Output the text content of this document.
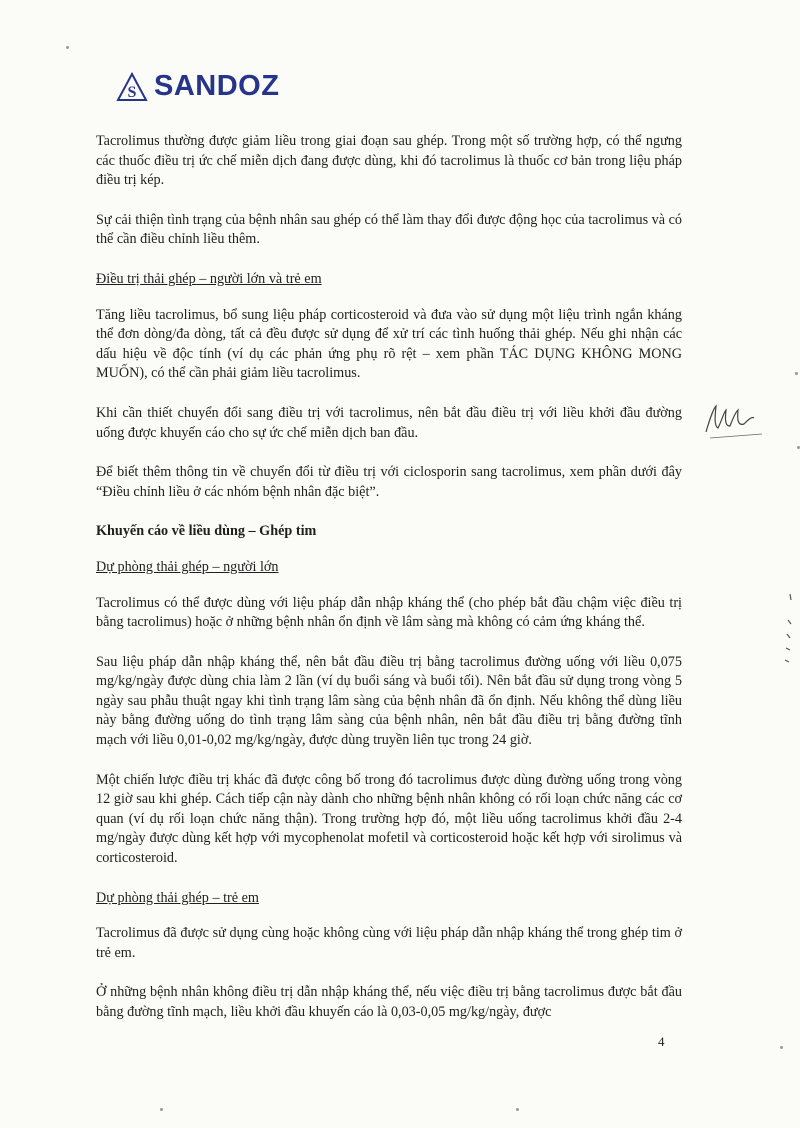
S SANDOZ

Tacrolimus thường được giảm liều trong giai đoạn sau ghép. Trong một số trường hợp, có thể ngưng các thuốc điều trị ức chế miễn dịch đang được dùng, khi đó tacrolimus là thuốc cơ bản trong liệu pháp điều trị kép.

Sự cải thiện tình trạng của bệnh nhân sau ghép có thể làm thay đổi được động học của tacrolimus và có thể cần điều chỉnh liều thêm.

Điều trị thải ghép – người lớn và trẻ em

Tăng liều tacrolimus, bổ sung liệu pháp corticosteroid và đưa vào sử dụng một liệu trình ngắn kháng thể đơn dòng/đa dòng, tất cả đều được sử dụng để xử trí các tình huống thải ghép. Nếu ghi nhận các dấu hiệu về độc tính (ví dụ các phản ứng phụ rõ rệt – xem phần TÁC DỤNG KHÔNG MONG MUỐN), có thể cần phải giảm liều tacrolimus.

Khi cần thiết chuyển đổi sang điều trị với tacrolimus, nên bắt đầu điều trị với liều khởi đầu đường uống được khuyến cáo cho sự ức chế miễn dịch ban đầu.

Để biết thêm thông tin về chuyển đổi từ điều trị với ciclosporin sang tacrolimus, xem phần dưới đây “Điều chỉnh liều ở các nhóm bệnh nhân đặc biệt”.

Khuyến cáo về liều dùng – Ghép tim

Dự phòng thải ghép – người lớn

Tacrolimus có thể được dùng với liệu pháp dẫn nhập kháng thể (cho phép bắt đầu chậm việc điều trị bằng tacrolimus) hoặc ở những bệnh nhân ổn định về lâm sàng mà không có cảm ứng kháng thể.

Sau liệu pháp dẫn nhập kháng thể, nên bắt đầu điều trị bằng tacrolimus đường uống với liều 0,075 mg/kg/ngày được dùng chia làm 2 lần (ví dụ buổi sáng và buổi tối). Nên bắt đầu sử dụng trong vòng 5 ngày sau phẫu thuật ngay khi tình trạng lâm sàng của bệnh nhân đã ổn định. Nếu không thể dùng liều này bằng đường uống do tình trạng lâm sàng của bệnh nhân, nên bắt đầu điều trị bằng đường tĩnh mạch với liều 0,01-0,02 mg/kg/ngày, được dùng truyền liên tục trong 24 giờ.

Một chiến lược điều trị khác đã được công bố trong đó tacrolimus được dùng đường uống trong vòng 12 giờ sau khi ghép. Cách tiếp cận này dành cho những bệnh nhân không có rối loạn chức năng các cơ quan (ví dụ rối loạn chức năng thận). Trong trường hợp đó, một liều uống tacrolimus khởi đầu 2-4 mg/ngày được dùng kết hợp với mycophenolat mofetil và corticosteroid hoặc kết hợp với sirolimus và corticosteroid.

Dự phòng thải ghép – trẻ em

Tacrolimus đã được sử dụng cùng hoặc không cùng với liệu pháp dẫn nhập kháng thể trong ghép tim ở trẻ em.

Ở những bệnh nhân không điều trị dẫn nhập kháng thể, nếu việc điều trị bằng tacrolimus được bắt đầu bằng đường tĩnh mạch, liều khởi đầu khuyến cáo là 0,03-0,05 mg/kg/ngày, được

4
